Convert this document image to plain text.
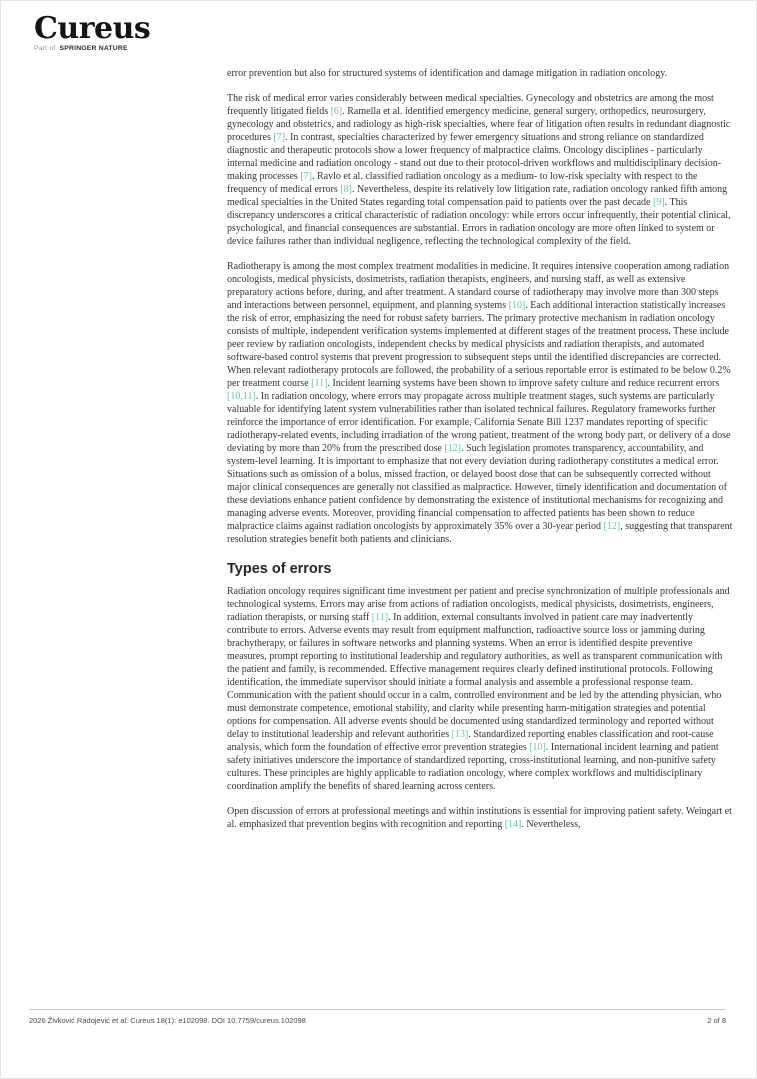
Cureus
Part of SPRINGER NATURE

error prevention but also for structured systems of identification and damage mitigation in radiation oncology.

The risk of medical error varies considerably between medical specialties. Gynecology and obstetrics are among the most frequently litigated fields [6]. Ramella et al. identified emergency medicine, general surgery, orthopedics, neurosurgery, gynecology and obstetrics, and radiology as high-risk specialties, where fear of litigation often results in redundant diagnostic procedures [7]. In contrast, specialties characterized by fewer emergency situations and strong reliance on standardized diagnostic and therapeutic protocols show a lower frequency of malpractice claims. Oncology disciplines - particularly internal medicine and radiation oncology - stand out due to their protocol-driven workflows and multidisciplinary decision-making processes [7]. Ravlo et al. classified radiation oncology as a medium- to low-risk specialty with respect to the frequency of medical errors [8]. Nevertheless, despite its relatively low litigation rate, radiation oncology ranked fifth among medical specialties in the United States regarding total compensation paid to patients over the past decade [9]. This discrepancy underscores a critical characteristic of radiation oncology: while errors occur infrequently, their potential clinical, psychological, and financial consequences are substantial. Errors in radiation oncology are more often linked to system or device failures rather than individual negligence, reflecting the technological complexity of the field.

Radiotherapy is among the most complex treatment modalities in medicine. It requires intensive cooperation among radiation oncologists, medical physicists, dosimetrists, radiation therapists, engineers, and nursing staff, as well as extensive preparatory actions before, during, and after treatment. A standard course of radiotherapy may involve more than 300 steps and interactions between personnel, equipment, and planning systems [10]. Each additional interaction statistically increases the risk of error, emphasizing the need for robust safety barriers. The primary protective mechanism in radiation oncology consists of multiple, independent verification systems implemented at different stages of the treatment process. These include peer review by radiation oncologists, independent checks by medical physicists and radiation therapists, and automated software-based control systems that prevent progression to subsequent steps until the identified discrepancies are corrected. When relevant radiotherapy protocols are followed, the probability of a serious reportable error is estimated to be below 0.2% per treatment course [11]. Incident learning systems have been shown to improve safety culture and reduce recurrent errors [10,11]. In radiation oncology, where errors may propagate across multiple treatment stages, such systems are particularly valuable for identifying latent system vulnerabilities rather than isolated technical failures. Regulatory frameworks further reinforce the importance of error identification. For example, California Senate Bill 1237 mandates reporting of specific radiotherapy-related events, including irradiation of the wrong patient, treatment of the wrong body part, or delivery of a dose deviating by more than 20% from the prescribed dose [12]. Such legislation promotes transparency, accountability, and system-level learning. It is important to emphasize that not every deviation during radiotherapy constitutes a medical error. Situations such as omission of a bolus, missed fraction, or delayed boost dose that can be subsequently corrected without major clinical consequences are generally not classified as malpractice. However, timely identification and documentation of these deviations enhance patient confidence by demonstrating the existence of institutional mechanisms for recognizing and managing adverse events. Moreover, providing financial compensation to affected patients has been shown to reduce malpractice claims against radiation oncologists by approximately 35% over a 30-year period [12], suggesting that transparent resolution strategies benefit both patients and clinicians.

Types of errors

Radiation oncology requires significant time investment per patient and precise synchronization of multiple professionals and technological systems. Errors may arise from actions of radiation oncologists, medical physicists, dosimetrists, engineers, radiation therapists, or nursing staff [11]. In addition, external consultants involved in patient care may inadvertently contribute to errors. Adverse events may result from equipment malfunction, radioactive source loss or jamming during brachytherapy, or failures in software networks and planning systems. When an error is identified despite preventive measures, prompt reporting to institutional leadership and regulatory authorities, as well as transparent communication with the patient and family, is recommended. Effective management requires clearly defined institutional protocols. Following identification, the immediate supervisor should initiate a formal analysis and assemble a professional response team. Communication with the patient should occur in a calm, controlled environment and be led by the attending physician, who must demonstrate competence, emotional stability, and clarity while presenting harm-mitigation strategies and potential options for compensation. All adverse events should be documented using standardized terminology and reported without delay to institutional leadership and relevant authorities [13]. Standardized reporting enables classification and root-cause analysis, which form the foundation of effective error prevention strategies [10]. International incident learning and patient safety initiatives underscore the importance of standardized reporting, cross-institutional learning, and non-punitive safety cultures. These principles are highly applicable to radiation oncology, where complex workflows and multidisciplinary coordination amplify the benefits of shared learning across centers.

Open discussion of errors at professional meetings and within institutions is essential for improving patient safety. Weingart et al. emphasized that prevention begins with recognition and reporting [14]. Nevertheless,

2026 Živković Radojević et al. Cureus 18(1): e102098. DOI 10.7759/cureus.102098	2 of 8
